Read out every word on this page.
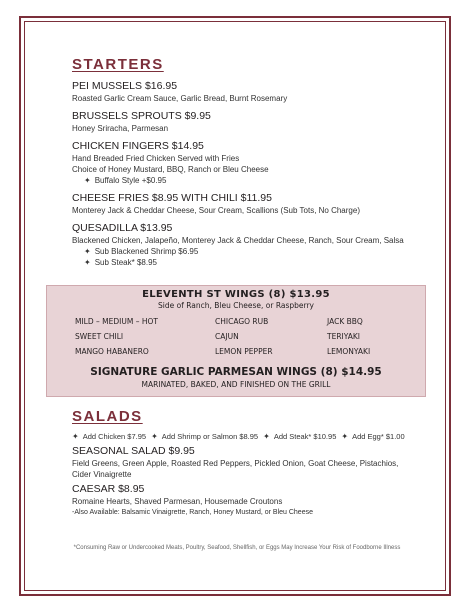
STARTERS
PEI MUSSELS $16.95
Roasted Garlic Cream Sauce, Garlic Bread, Burnt Rosemary
BRUSSELS SPROUTS $9.95
Honey Sriracha, Parmesan
CHICKEN FINGERS $14.95
Hand Breaded Fried Chicken Served with Fries
Choice of Honey Mustard, BBQ, Ranch or Bleu Cheese
✦ Buffalo Style +$0.95
CHEESE FRIES $8.95 WITH CHILI $11.95
Monterey Jack & Cheddar Cheese, Sour Cream, Scallions (Sub Tots, No Charge)
QUESADILLA $13.95
Blackened Chicken, Jalapeño, Monterey Jack & Cheddar Cheese, Ranch, Sour Cream, Salsa
✦ Sub Blackened Shrimp $6.95
✦ Sub Steak* $8.95
ELEVENTH ST WINGS (8) $13.95
Side of Ranch, Bleu Cheese, or Raspberry
MILD – MEDIUM – HOT	CHICAGO RUB	JACK BBQ
SWEET CHILI	CAJUN	TERIYAKI
MANGO HABANERO	LEMON PEPPER	LEMONYAKI
SIGNATURE GARLIC PARMESAN WINGS (8) $14.95
MARINATED, BAKED, AND FINISHED ON THE GRILL
SALADS
✦ Add Chicken $7.95 ✦ Add Shrimp or Salmon $8.95 ✦ Add Steak* $10.95 ✦ Add Egg* $1.00
SEASONAL SALAD $9.95
Field Greens, Green Apple, Roasted Red Peppers, Pickled Onion, Goat Cheese, Pistachios,
Cider Vinaigrette
CAESAR $8.95
Romaine Hearts, Shaved Parmesan, Housemade Croutons
-Also Available: Balsamic Vinaigrette, Ranch, Honey Mustard, or Bleu Cheese
*Consuming Raw or Undercooked Meats, Poultry, Seafood, Shellfish, or Eggs May Increase Your Risk of Foodborne Illness
